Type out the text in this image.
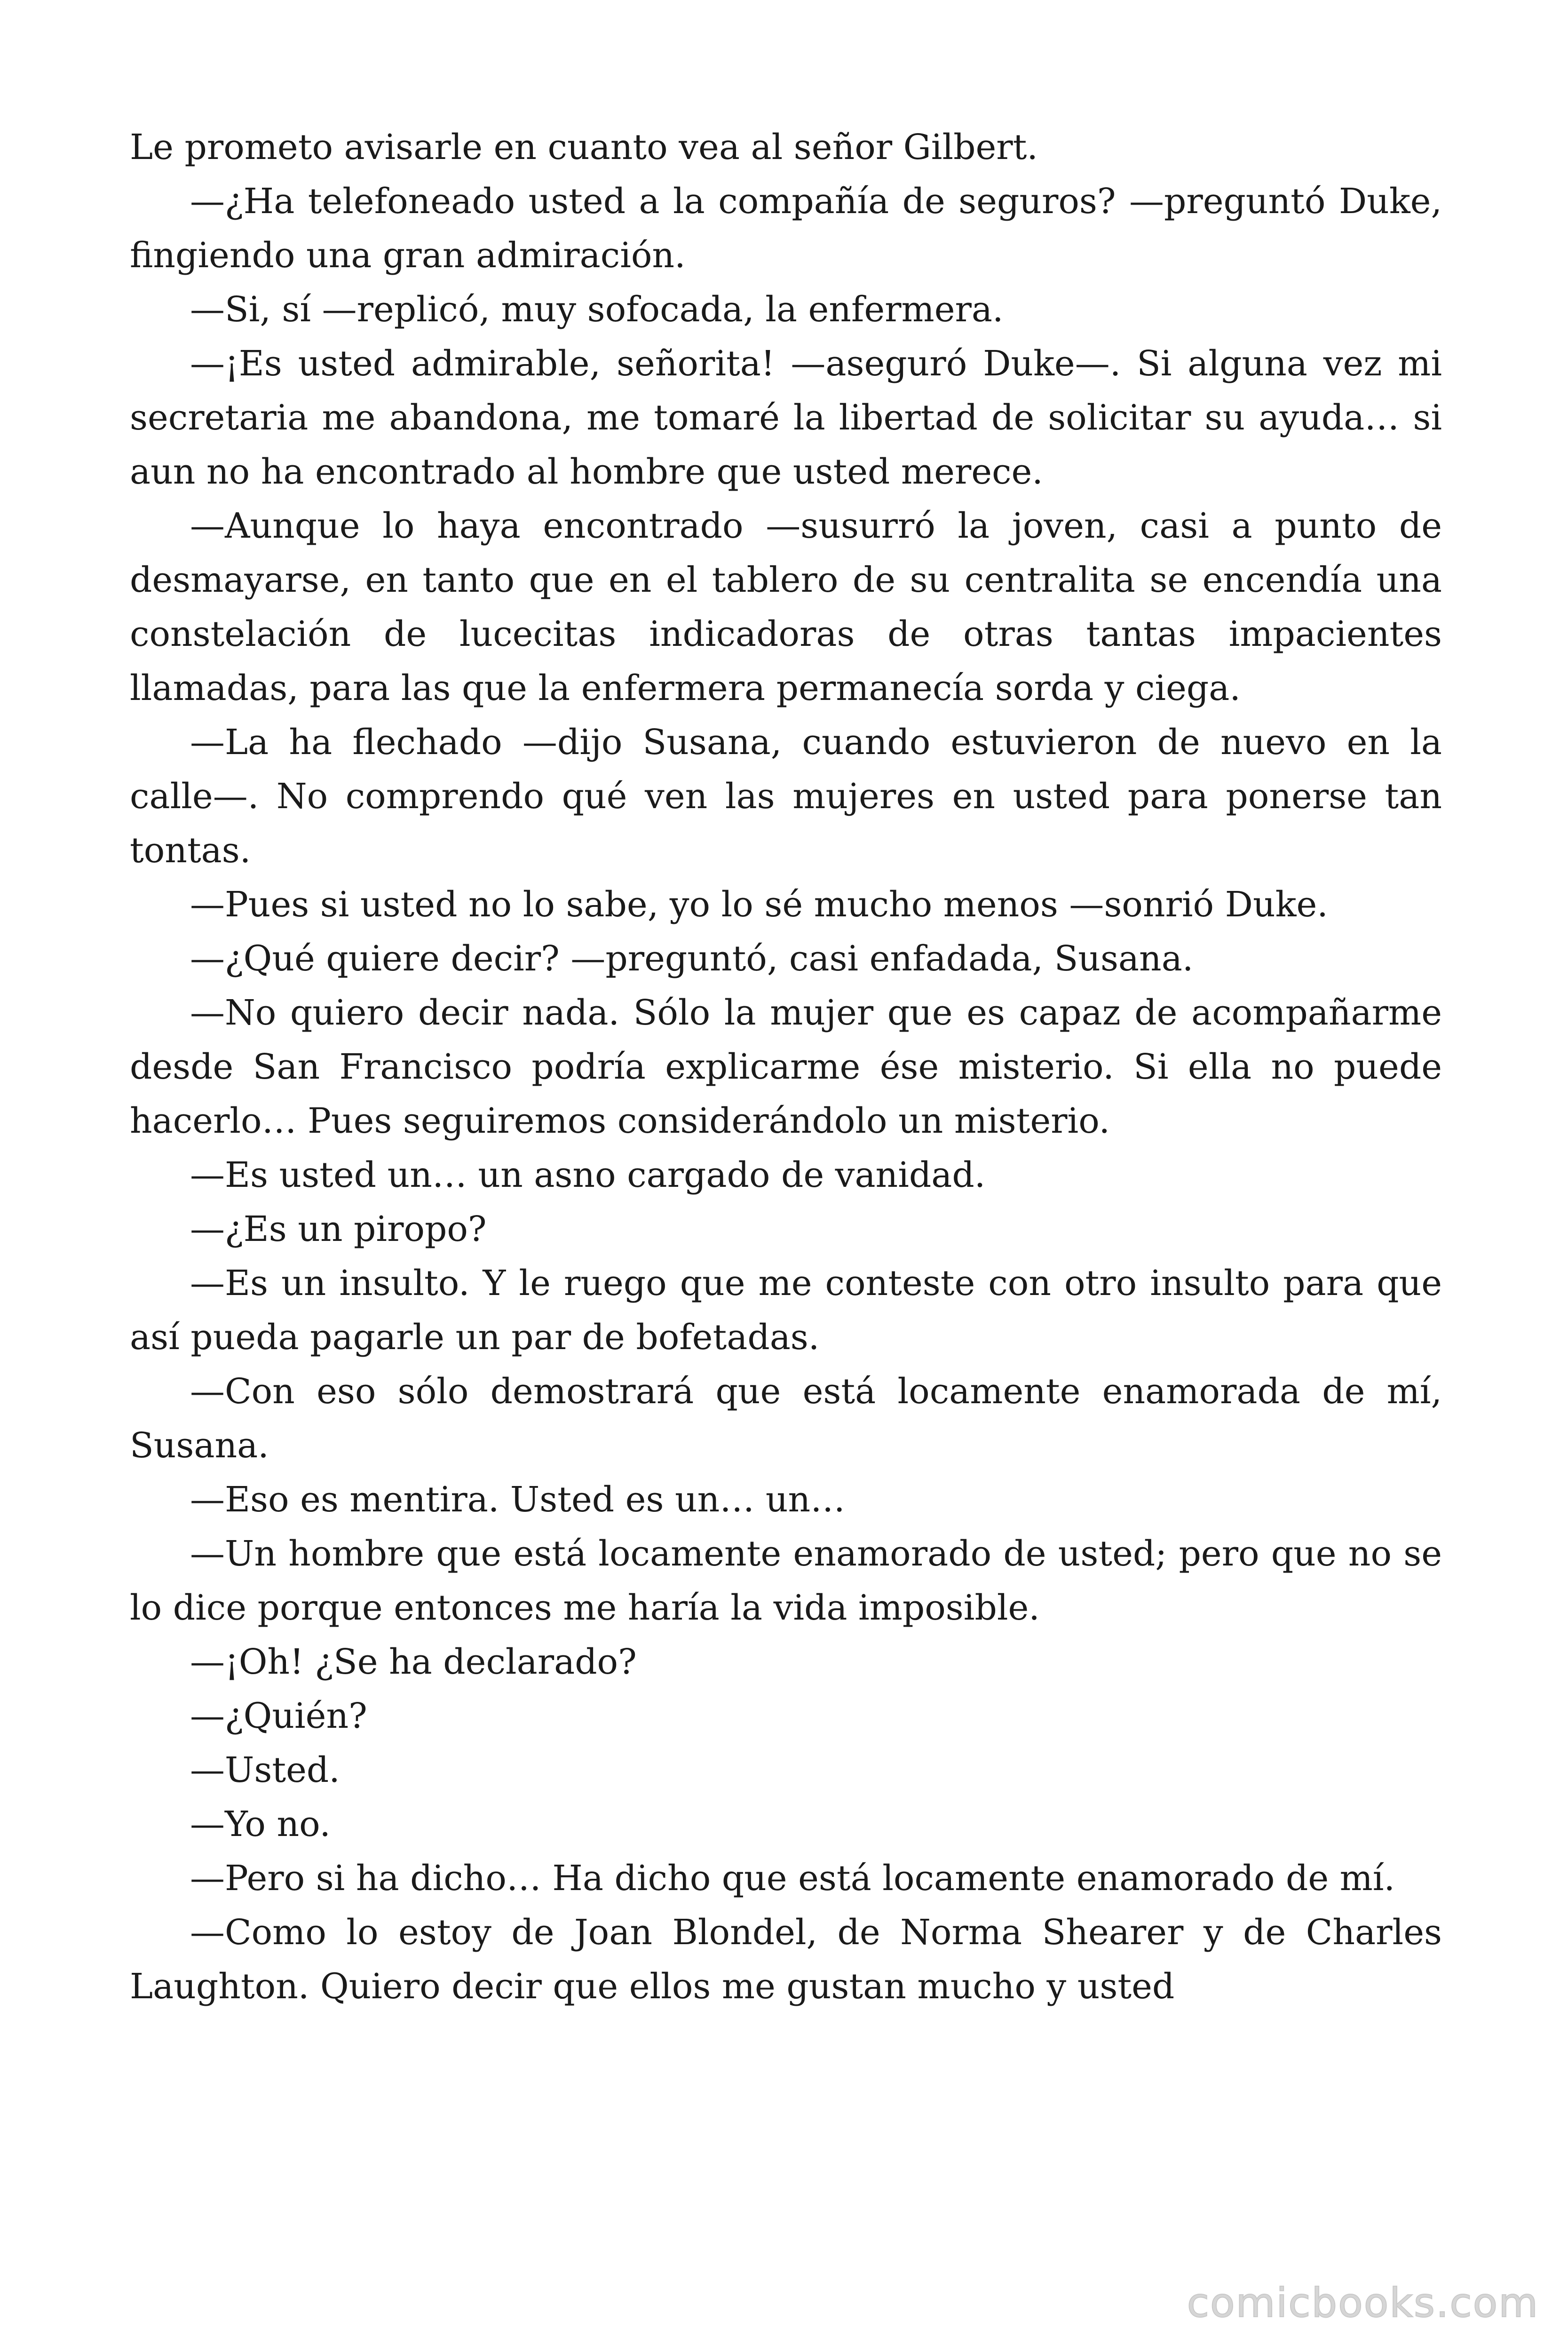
Le prometo avisarle en cuanto vea al señor Gilbert.

—¿Ha telefoneado usted a la compañía de seguros? —preguntó Duke, fingiendo una gran admiración.

—Si, sí —replicó, muy sofocada, la enfermera.

—¡Es usted admirable, señorita! —aseguró Duke—. Si alguna vez mi secretaria me abandona, me tomaré la libertad de solicitar su ayuda… si aun no ha encontrado al hombre que usted merece.

—Aunque lo haya encontrado —susurró la joven, casi a punto de desmayarse, en tanto que en el tablero de su centralita se encendía una constelación de lucecitas indicadoras de otras tantas impacientes llamadas, para las que la enfermera permanecía sorda y ciega.

—La ha flechado —dijo Susana, cuando estuvieron de nuevo en la calle—. No comprendo qué ven las mujeres en usted para ponerse tan tontas.

—Pues si usted no lo sabe, yo lo sé mucho menos —sonrió Duke.

—¿Qué quiere decir? —preguntó, casi enfadada, Susana.

—No quiero decir nada. Sólo la mujer que es capaz de acompañarme desde San Francisco podría explicarme ése misterio. Si ella no puede hacerlo… Pues seguiremos considerándolo un misterio.

—Es usted un… un asno cargado de vanidad.

—¿Es un piropo?

—Es un insulto. Y le ruego que me conteste con otro insulto para que así pueda pagarle un par de bofetadas.

—Con eso sólo demostrará que está locamente enamorada de mí, Susana.

—Eso es mentira. Usted es un… un…

—Un hombre que está locamente enamorado de usted; pero que no se lo dice porque entonces me haría la vida imposible.

—¡Oh! ¿Se ha declarado?

—¿Quién?

—Usted.

—Yo no.

—Pero si ha dicho… Ha dicho que está locamente enamorado de mí.

—Como lo estoy de Joan Blondel, de Norma Shearer y de Charles Laughton. Quiero decir que ellos me gustan mucho y usted

comicbooks.com
